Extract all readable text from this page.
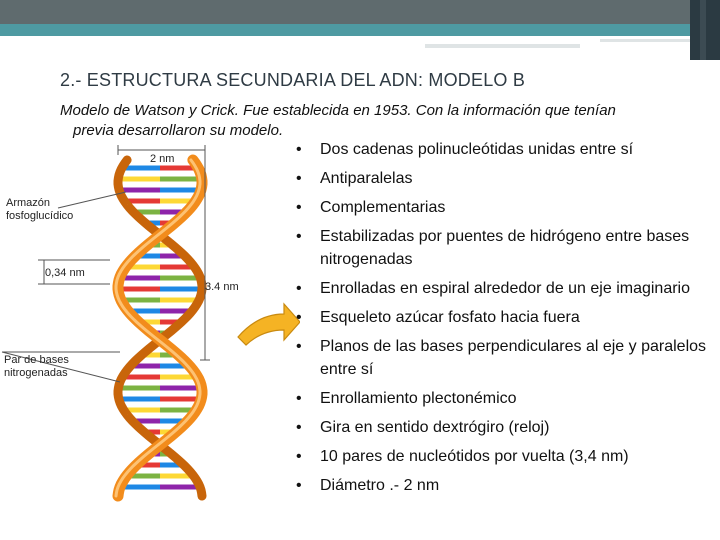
2.- ESTRUCTURA SECUNDARIA DEL ADN: MODELO B

Modelo de Watson y Crick. Fue establecida en 1953. Con la información que tenían
previa desarrollaron su modelo.

2 nm
Armazón
fosfoglucídico
0,34 nm
3.4 nm
Par de bases
nitrogenadas
• Dos cadenas polinucleótidas unidas entre sí
• Antiparalelas
• Complementarias
• Estabilizadas por puentes de hidrógeno entre bases nitrogenadas
• Enrolladas en espiral alrededor de un eje imaginario
• Esqueleto azúcar fosfato hacia fuera
• Planos de las bases perpendiculares al eje y paralelos entre sí
• Enrollamiento plectonémico
• Gira en sentido dextrógiro (reloj)
• 10 pares de nucleótidos por vuelta (3,4 nm)
• Diámetro .- 2 nm
